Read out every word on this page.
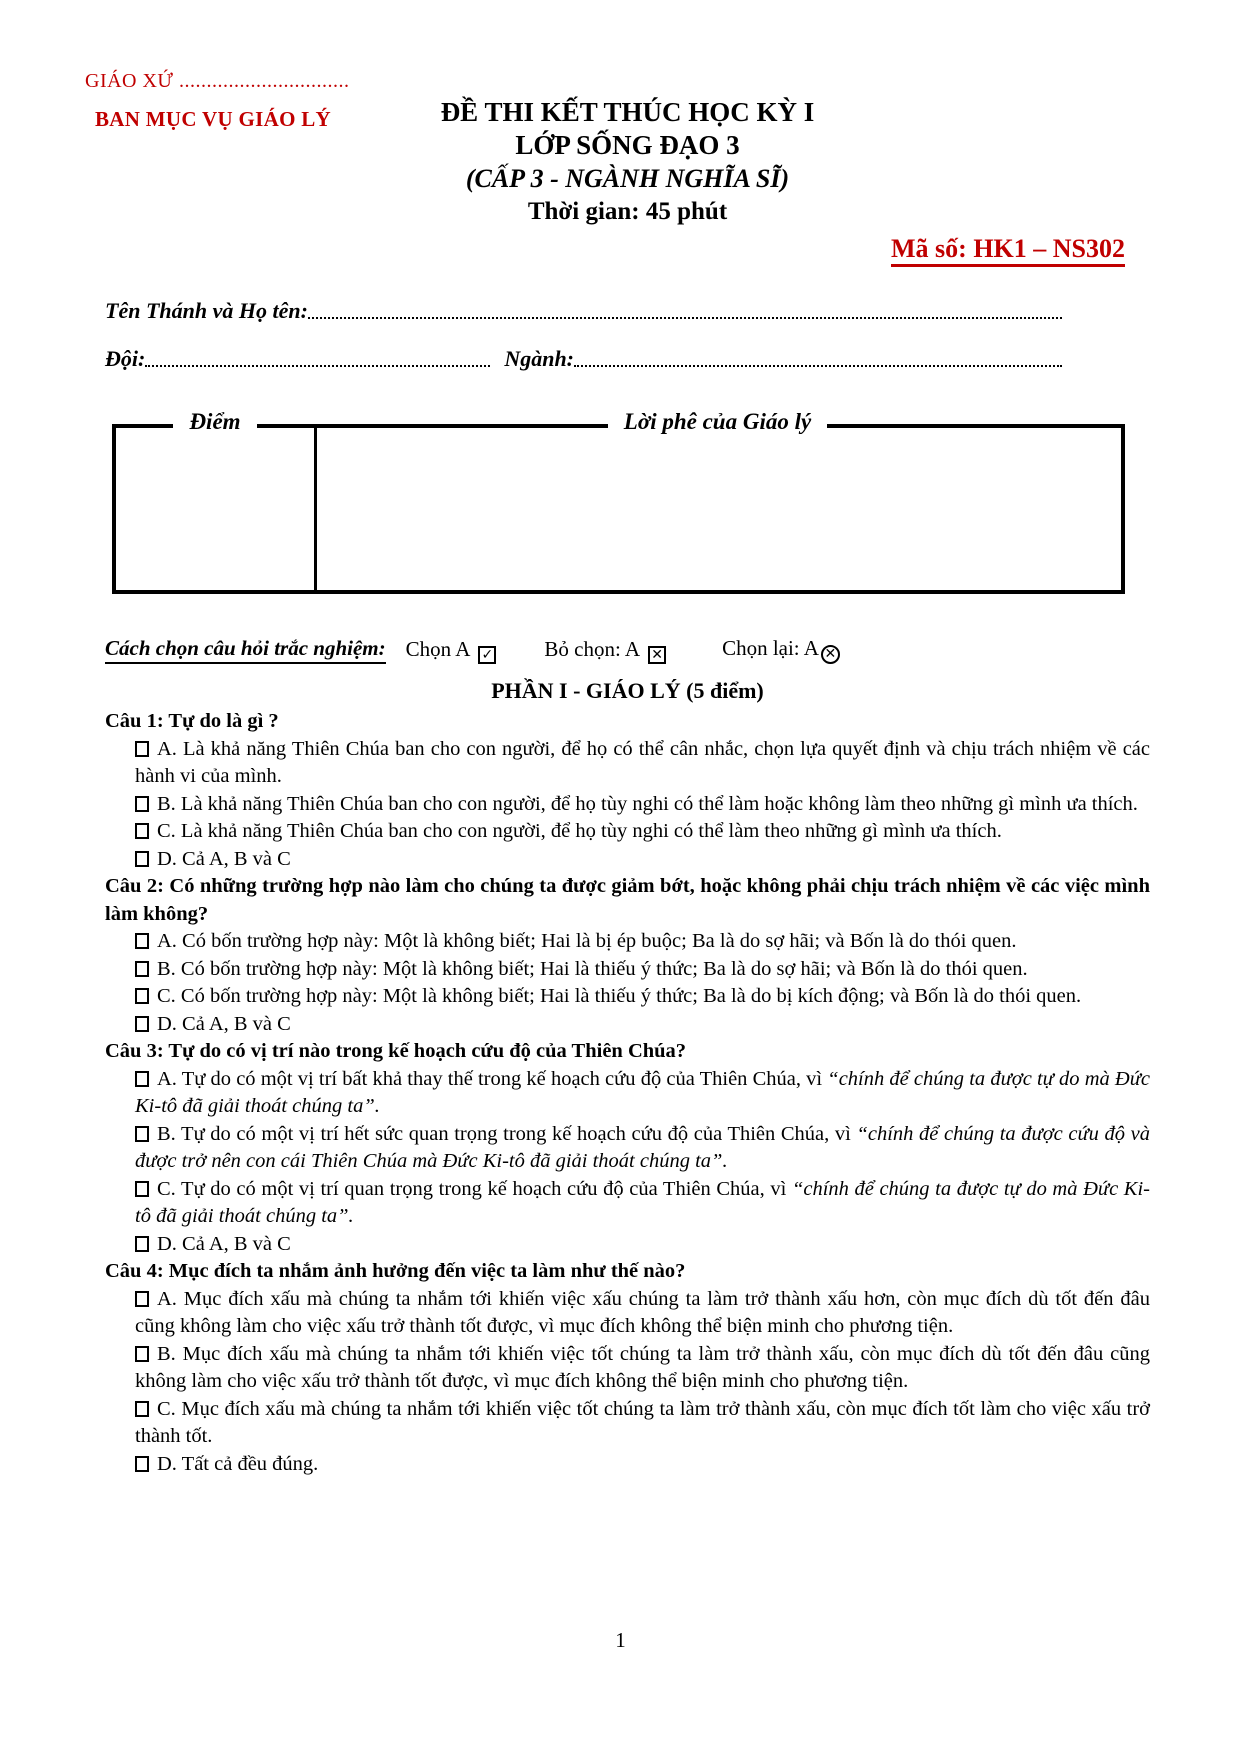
GIÁO XỨ ...............................
BAN MỤC VỤ GIÁO LÝ	ĐỀ THI KẾT THÚC HỌC KỲ I
LỚP SỐNG ĐẠO 3
(CẤP 3 - NGÀNH NGHĨA SĨ)
Thời gian: 45 phút
Mã số: HK1 – NS302
Tên Thánh và Họ tên:
Đội:	Ngành:
Điểm	Lời phê của Giáo lý
Cách chọn câu hỏi trắc nghiệm: Chọn A ✓	Bỏ chọn: A ✕	Chọn lại: A✕
PHẦN I - GIÁO LÝ (5 điểm)
Câu 1: Tự do là gì ?
A. Là khả năng Thiên Chúa ban cho con người, để họ có thể cân nhắc, chọn lựa quyết định và chịu trách nhiệm về các hành vi của mình.
B. Là khả năng Thiên Chúa ban cho con người, để họ tùy nghi có thể làm hoặc không làm theo những gì mình ưa thích.
C. Là khả năng Thiên Chúa ban cho con người, để họ tùy nghi có thể làm theo những gì mình ưa thích.
D. Cả A, B và C
Câu 2: Có những trường hợp nào làm cho chúng ta được giảm bớt, hoặc không phải chịu trách nhiệm về các việc mình làm không?
A. Có bốn trường hợp này: Một là không biết; Hai là bị ép buộc; Ba là do sợ hãi; và Bốn là do thói quen.
B. Có bốn trường hợp này: Một là không biết; Hai là thiếu ý thức; Ba là do sợ hãi; và Bốn là do thói quen.
C. Có bốn trường hợp này: Một là không biết; Hai là thiếu ý thức; Ba là do bị kích động; và Bốn là do thói quen.
D. Cả A, B và C
Câu 3: Tự do có vị trí nào trong kế hoạch cứu độ của Thiên Chúa?
A. Tự do có một vị trí bất khả thay thế trong kế hoạch cứu độ của Thiên Chúa, vì “chính để chúng ta được tự do mà Đức Ki-tô đã giải thoát chúng ta”.
B. Tự do có một vị trí hết sức quan trọng trong kế hoạch cứu độ của Thiên Chúa, vì “chính để chúng ta được cứu độ và được trở nên con cái Thiên Chúa mà Đức Ki-tô đã giải thoát chúng ta”.
C. Tự do có một vị trí quan trọng trong kế hoạch cứu độ của Thiên Chúa, vì “chính để chúng ta được tự do mà Đức Ki-tô đã giải thoát chúng ta”.
D. Cả A, B và C
Câu 4: Mục đích ta nhắm ảnh hưởng đến việc ta làm như thế nào?
A. Mục đích xấu mà chúng ta nhắm tới khiến việc xấu chúng ta làm trở thành xấu hơn, còn mục đích dù tốt đến đâu cũng không làm cho việc xấu trở thành tốt được, vì mục đích không thể biện minh cho phương tiện.
B. Mục đích xấu mà chúng ta nhắm tới khiến việc tốt chúng ta làm trở thành xấu, còn mục đích dù tốt đến đâu cũng không làm cho việc xấu trở thành tốt được, vì mục đích không thể biện minh cho phương tiện.
C. Mục đích xấu mà chúng ta nhắm tới khiến việc tốt chúng ta làm trở thành xấu, còn mục đích tốt làm cho việc xấu trở thành tốt.
D. Tất cả đều đúng.
1
